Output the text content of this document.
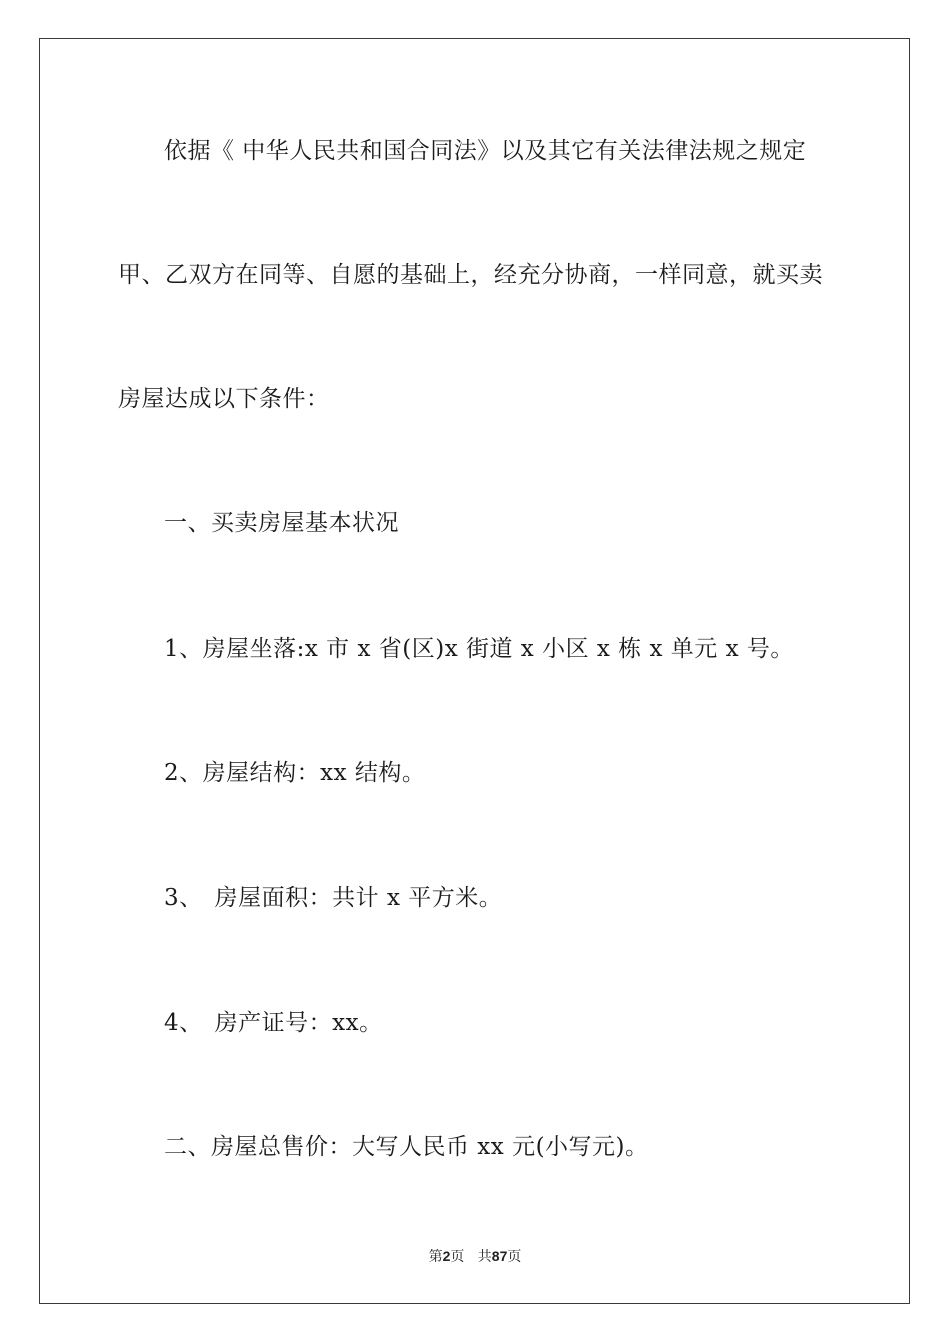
依据《 中华人民共和国合同法》以及其它有关法律法规之规定
甲、乙双方在同等、自愿的基础上，经充分协商，一样同意，就买卖
房屋达成以下条件：
一、买卖房屋基本状况
1、房屋坐落:x 市 x 省(区)x 街道 x 小区 x 栋 x 单元 x 号。
2、房屋结构：xx 结构。
3、　房屋面积：共计 x 平方米。
4、　房产证号：xx。
二、房屋总售价：大写人民币 xx 元(小写元)。
第2页 共87页
